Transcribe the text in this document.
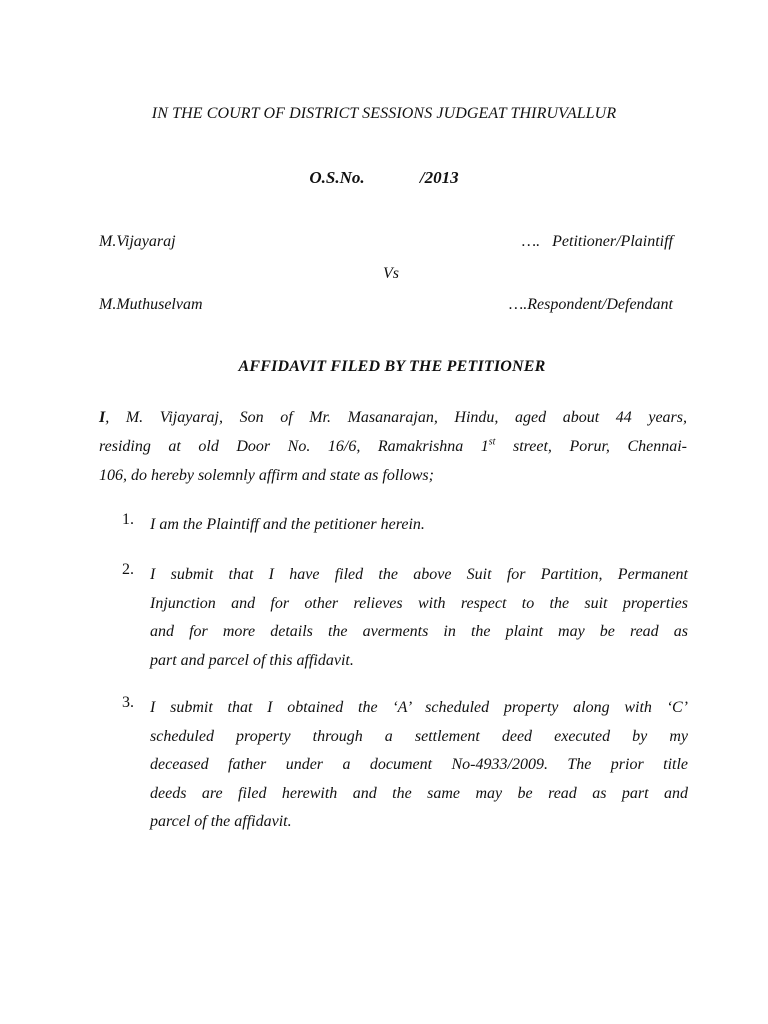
IN THE COURT OF DISTRICT SESSIONS JUDGEAT THIRUVALLUR
O.S.No.             /2013
M.Vijayaraj	….   Petitioner/Plaintiff
Vs
M.Muthuselvam	….Respondent/Defendant
AFFIDAVIT FILED BY THE PETITIONER
I, M. Vijayaraj, Son of Mr. Masanarajan, Hindu, aged about 44 years,
residing at old Door No. 16/6, Ramakrishna 1st street, Porur, Chennai-
106, do hereby solemnly affirm and state as follows;
1. I am the Plaintiff and the petitioner herein.
2. I submit that I have filed the above Suit for Partition, Permanent
Injunction and for other relieves with respect to the suit properties
and for more details the averments in the plaint may be read as
part and parcel of this affidavit.
3. I submit that I obtained the ‘A’ scheduled property along with ‘C’
scheduled property through a settlement deed executed by my
deceased father under a document No-4933/2009. The prior title
deeds are filed herewith and the same may be read as part and
parcel of the affidavit.
